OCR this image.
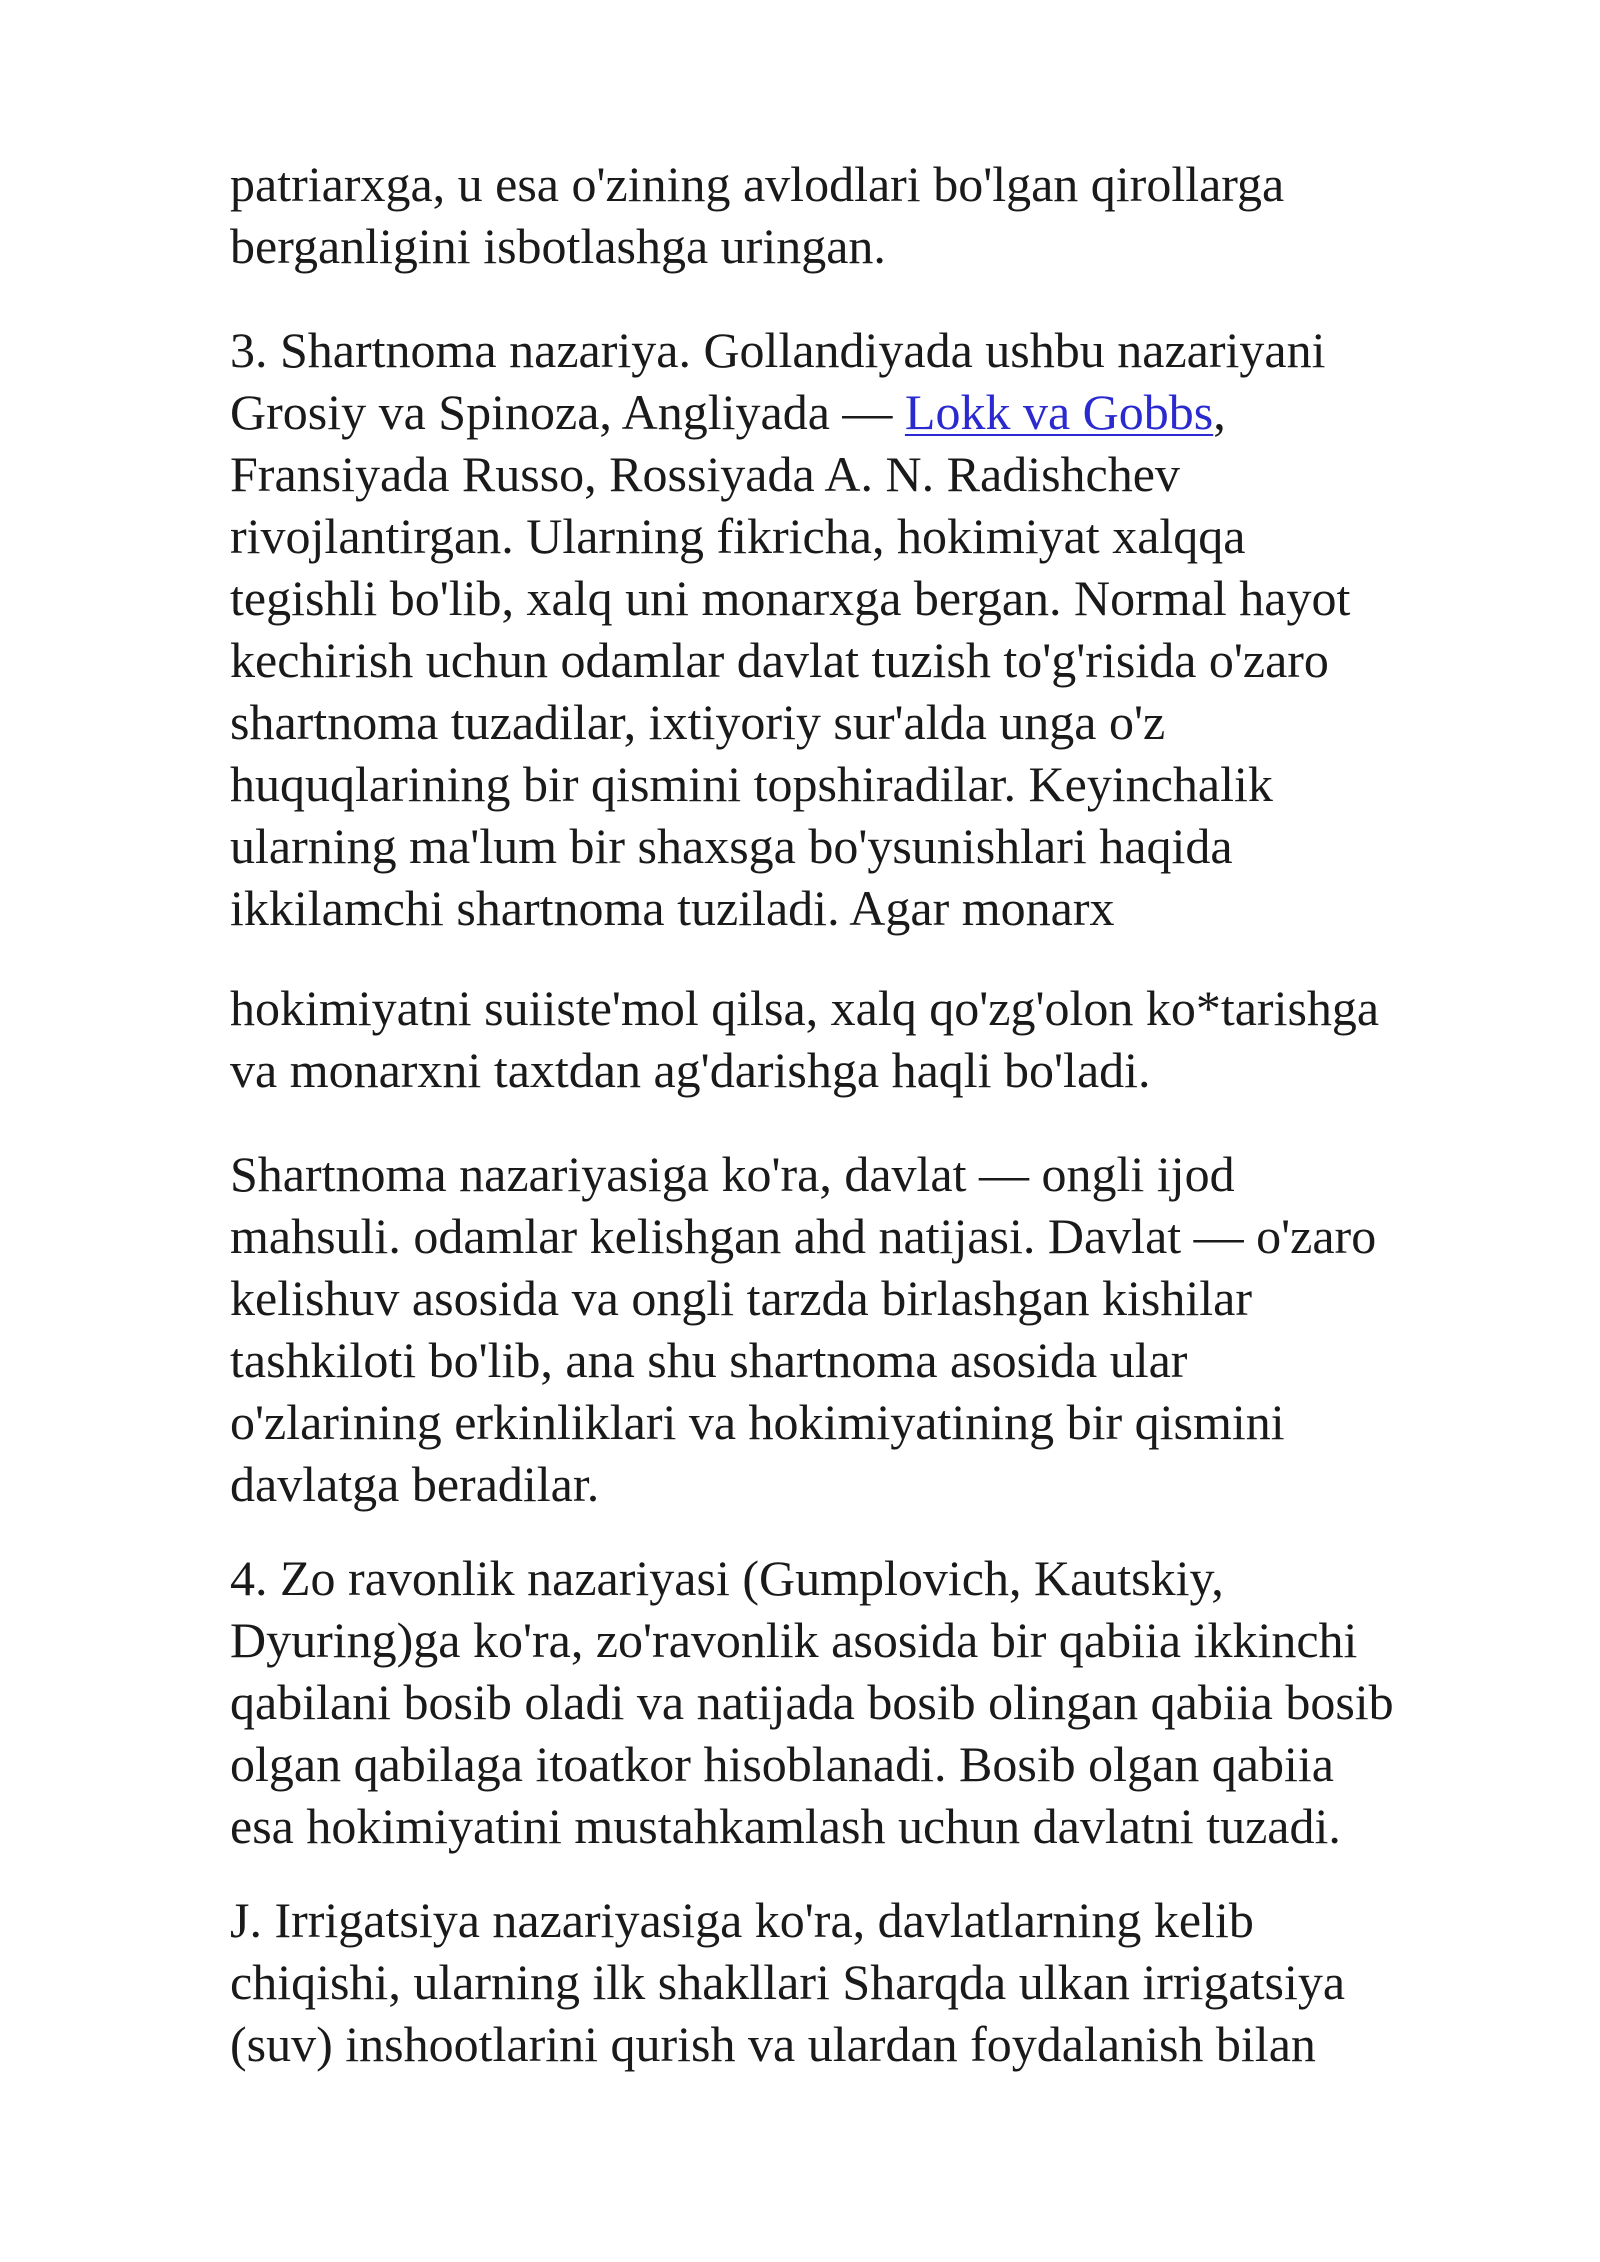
patriarxga, u esa o'zining avlodlari bo'lgan qirollarga
berganligini isbotlashga uringan.

3. Shartnoma nazariya. Gollandiyada ushbu nazariyani
Grosiy va Spinoza, Angliyada — Lokk va Gobbs,
Fransiyada Russo, Rossiyada A. N. Radishchev
rivojlantirgan. Ularning fikricha, hokimiyat xalqqa
tegishli bo'lib, xalq uni monarxga bergan. Normal hayot
kechirish uchun odamlar davlat tuzish to'g'risida o'zaro
shartnoma tuzadilar, ixtiyoriy sur'alda unga o'z
huquqlarining bir qismini topshiradilar. Keyinchalik
ularning ma'lum bir shaxsga bo'ysunishlari haqida
ikkilamchi shartnoma tuziladi. Agar monarx

hokimiyatni suiiste'mol qilsa, xalq qo'zg'olon ko*tarishga
va monarxni taxtdan ag'darishga haqli bo'ladi.

Shartnoma nazariyasiga ko'ra, davlat — ongli ijod
mahsuli. odamlar kelishgan ahd natijasi. Davlat — o'zaro
kelishuv asosida va ongli tarzda birlashgan kishilar
tashkiloti bo'lib, ana shu shartnoma asosida ular
o'zlarining erkinliklari va hokimiyatining bir qismini
davlatga beradilar.

4. Zo ravonlik nazariyasi (Gumplovich, Kautskiy,
Dyuring)ga ko'ra, zo'ravonlik asosida bir qabiia ikkinchi
qabilani bosib oladi va natijada bosib olingan qabiia bosib
olgan qabilaga itoatkor hisoblanadi. Bosib olgan qabiia
esa hokimiyatini mustahkamlash uchun davlatni tuzadi.

J. Irrigatsiya nazariyasiga ko'ra, davlatlarning kelib
chiqishi, ularning ilk shakllari Sharqda ulkan irrigatsiya
(suv) inshootlarini qurish va ulardan foydalanish bilan
